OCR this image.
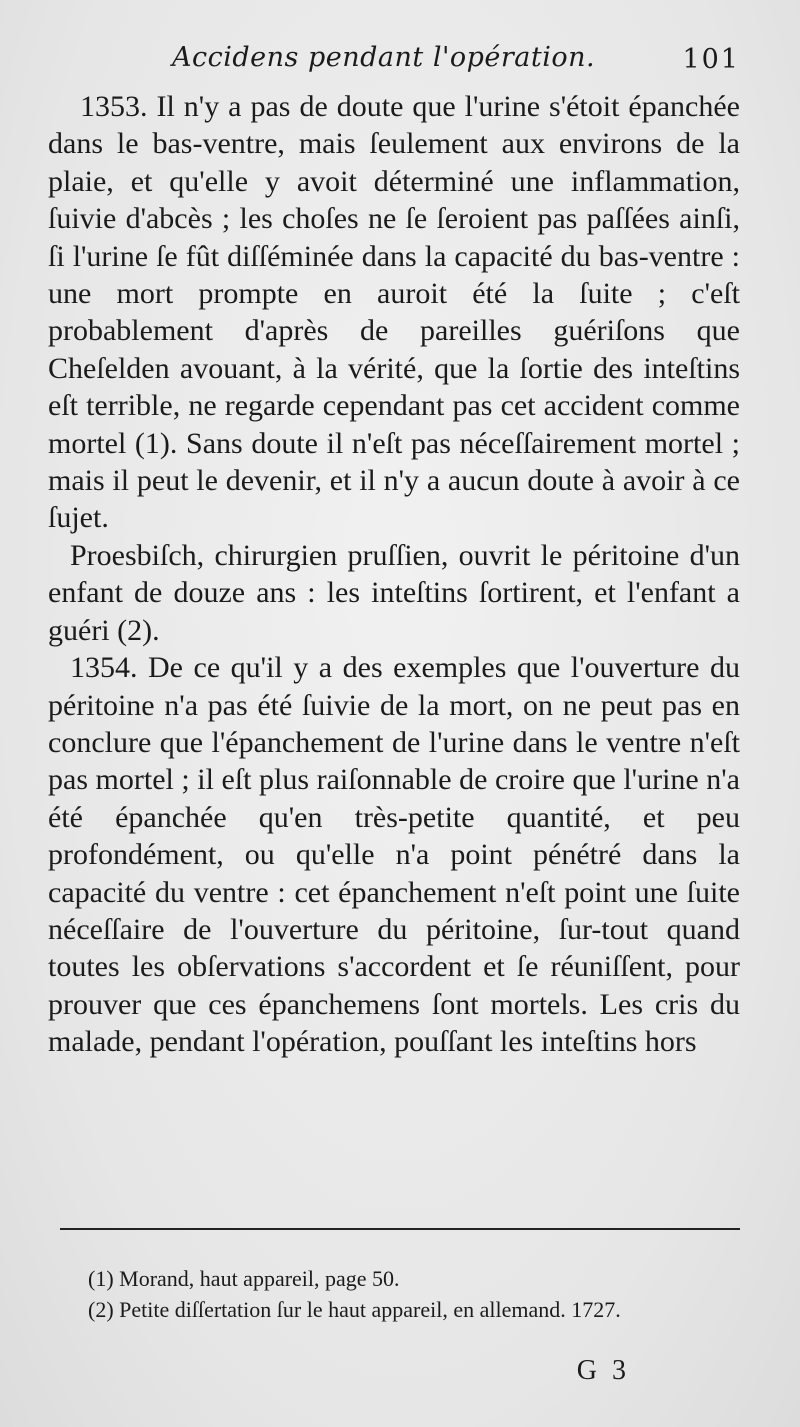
Accidens pendant l'opération.	101

1353. Il n'y a pas de doute que l'urine s'étoit épanchée dans le bas-ventre, mais ſeulement aux environs de la plaie, et qu'elle y avoit déterminé une inflammation, ſuivie d'abcès ; les choſes ne ſe ſeroient pas paſſées ainſi, ſi l'urine ſe fût diſſéminée dans la capacité du bas-ventre : une mort prompte en auroit été la ſuite ; c'eſt probablement d'après de pareilles guériſons que Cheſelden avouant, à la vérité, que la ſortie des inteſtins eſt terrible, ne regarde cependant pas cet accident comme mortel (1). Sans doute il n'eſt pas néceſſairement mortel ; mais il peut le devenir, et il n'y a aucun doute à avoir à ce ſujet.

Proesbiſch, chirurgien pruſſien, ouvrit le péritoine d'un enfant de douze ans : les inteſtins ſortirent, et l'enfant a guéri (2).

1354. De ce qu'il y a des exemples que l'ouverture du péritoine n'a pas été ſuivie de la mort, on ne peut pas en conclure que l'épanchement de l'urine dans le ventre n'eſt pas mortel ; il eſt plus raiſonnable de croire que l'urine n'a été épanchée qu'en très-petite quantité, et peu profondément, ou qu'elle n'a point pénétré dans la capacité du ventre : cet épanchement n'eſt point une ſuite néceſſaire de l'ouverture du péritoine, ſur-tout quand toutes les obſervations s'accordent et ſe réuniſſent, pour prouver que ces épanchemens ſont mortels. Les cris du malade, pendant l'opération, pouſſant les inteſtins hors

(1) Morand, haut appareil, page 50.

(2) Petite diſſertation ſur le haut appareil, en allemand. 1727.

G 3
